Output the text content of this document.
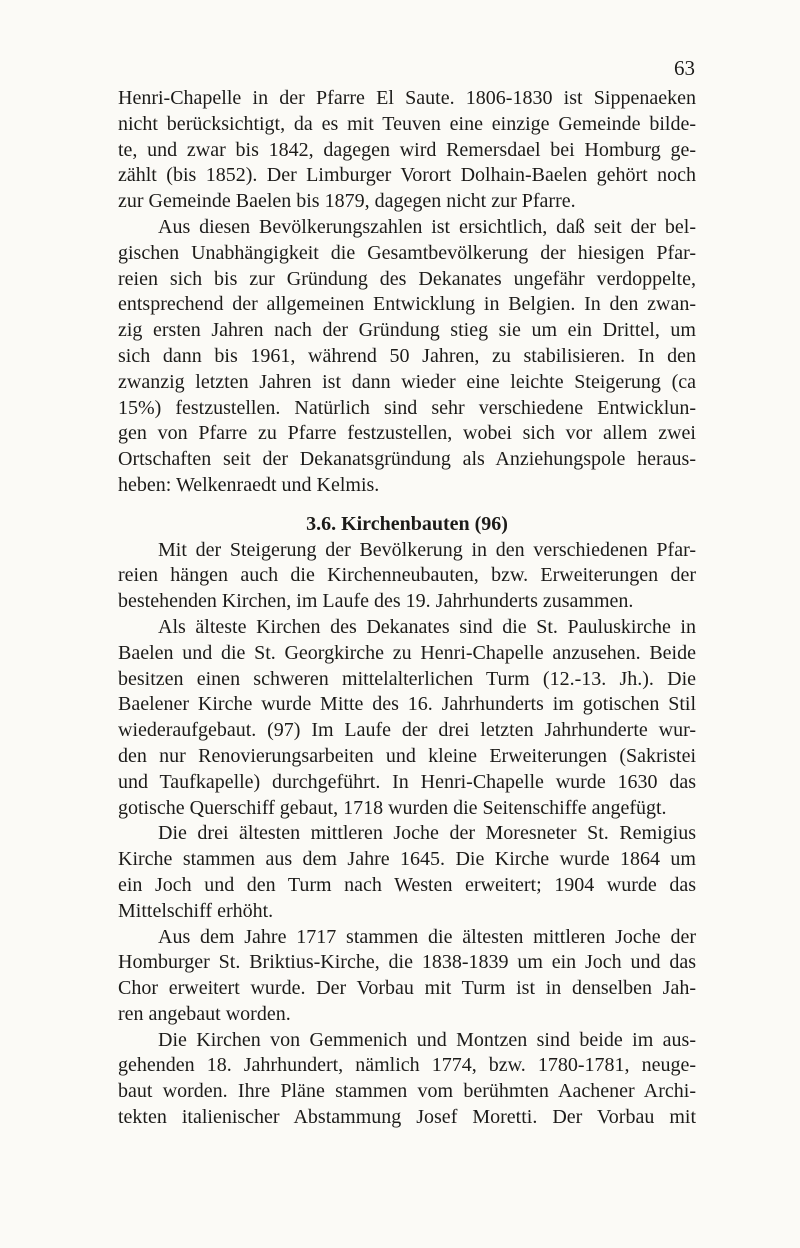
63

Henri-Chapelle in der Pfarre El Saute. 1806-1830 ist Sippenaeken
nicht berücksichtigt, da es mit Teuven eine einzige Gemeinde bilde-
te, und zwar bis 1842, dagegen wird Remersdael bei Homburg ge-
zählt (bis 1852). Der Limburger Vorort Dolhain-Baelen gehört noch
zur Gemeinde Baelen bis 1879, dagegen nicht zur Pfarre.

Aus diesen Bevölkerungszahlen ist ersichtlich, daß seit der bel-
gischen Unabhängigkeit die Gesamtbevölkerung der hiesigen Pfar-
reien sich bis zur Gründung des Dekanates ungefähr verdoppelte,
entsprechend der allgemeinen Entwicklung in Belgien. In den zwan-
zig ersten Jahren nach der Gründung stieg sie um ein Drittel, um
sich dann bis 1961, während 50 Jahren, zu stabilisieren. In den
zwanzig letzten Jahren ist dann wieder eine leichte Steigerung (ca
15%) festzustellen. Natürlich sind sehr verschiedene Entwicklun-
gen von Pfarre zu Pfarre festzustellen, wobei sich vor allem zwei
Ortschaften seit der Dekanatsgründung als Anziehungspole heraus-
heben: Welkenraedt und Kelmis.

3.6. Kirchenbauten (96)

Mit der Steigerung der Bevölkerung in den verschiedenen Pfar-
reien hängen auch die Kirchenneubauten, bzw. Erweiterungen der
bestehenden Kirchen, im Laufe des 19. Jahrhunderts zusammen.

Als älteste Kirchen des Dekanates sind die St. Pauluskirche in
Baelen und die St. Georgkirche zu Henri-Chapelle anzusehen. Beide
besitzen einen schweren mittelalterlichen Turm (12.-13. Jh.). Die
Baelener Kirche wurde Mitte des 16. Jahrhunderts im gotischen Stil
wiederaufgebaut. (97) Im Laufe der drei letzten Jahrhunderte wur-
den nur Renovierungsarbeiten und kleine Erweiterungen (Sakristei
und Taufkapelle) durchgeführt. In Henri-Chapelle wurde 1630 das
gotische Querschiff gebaut, 1718 wurden die Seitenschiffe angefügt.

Die drei ältesten mittleren Joche der Moresneter St. Remigius
Kirche stammen aus dem Jahre 1645. Die Kirche wurde 1864 um
ein Joch und den Turm nach Westen erweitert; 1904 wurde das
Mittelschiff erhöht.

Aus dem Jahre 1717 stammen die ältesten mittleren Joche der
Homburger St. Briktius-Kirche, die 1838-1839 um ein Joch und das
Chor erweitert wurde. Der Vorbau mit Turm ist in denselben Jah-
ren angebaut worden.

Die Kirchen von Gemmenich und Montzen sind beide im aus-
gehenden 18. Jahrhundert, nämlich 1774, bzw. 1780-1781, neuge-
baut worden. Ihre Pläne stammen vom berühmten Aachener Archi-
tekten italienischer Abstammung Josef Moretti. Der Vorbau mit
